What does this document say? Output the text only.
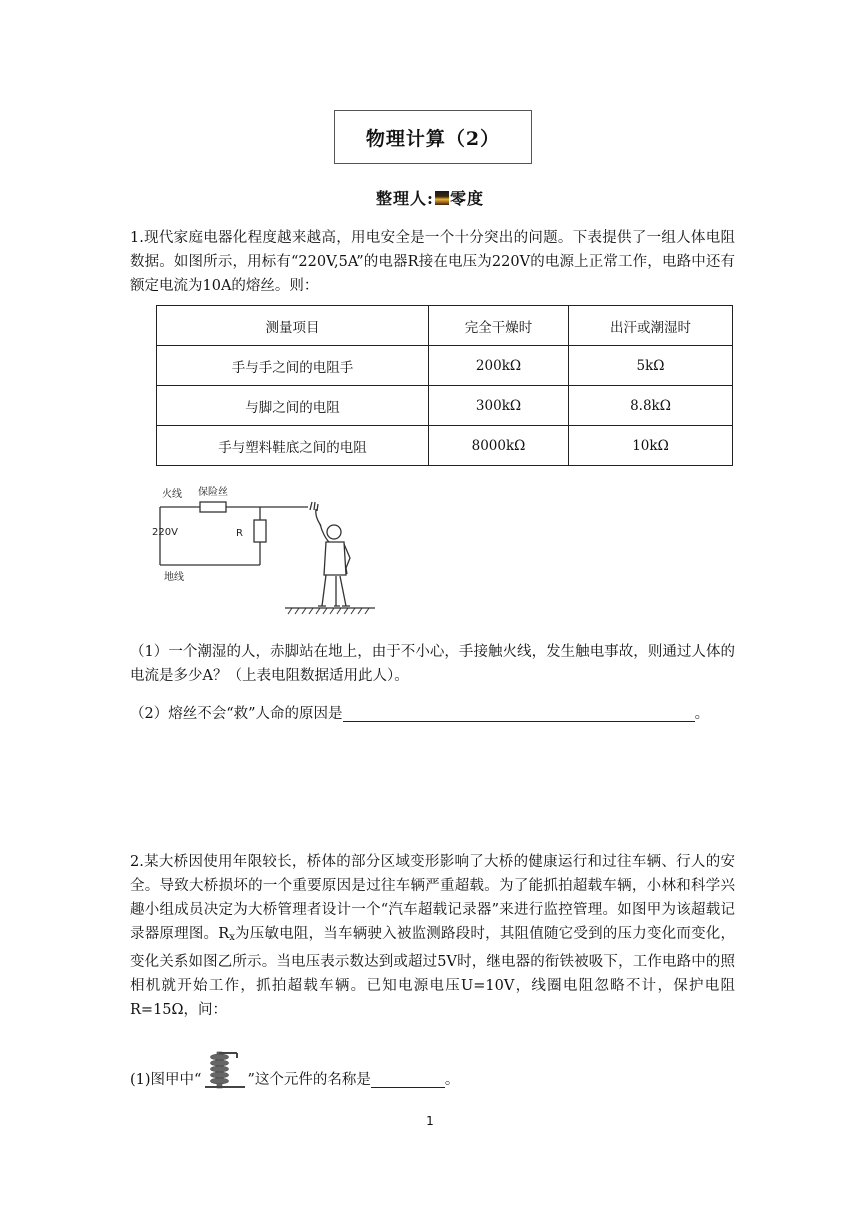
物理计算（2）
整理人: 零度
1.现代家庭电器化程度越来越高，用电安全是一个十分突出的问题。下表提供了一组人体电阻数据。如图所示，用标有“220V,5A”的电器R接在电压为220V的电源上正常工作，电路中还有额定电流为10A的熔丝。则：
测量项目	完全干燥时	出汗或潮湿时
手与手之间的电阻手	200kΩ	5kΩ
与脚之间的电阻	300kΩ	8.8kΩ
手与塑料鞋底之间的电阻	8000kΩ	10kΩ
火线 保险丝
220V	R
地线
（1）一个潮湿的人，赤脚站在地上，由于不小心，手接触火线，发生触电事故，则通过人体的电流是多少A？（上表电阻数据适用此人）。
（2）熔丝不会“救”人命的原因是	。
2.某大桥因使用年限较长，桥体的部分区域变形影响了大桥的健康运行和过往车辆、行人的安全。导致大桥损坏的一个重要原因是过往车辆严重超载。为了能抓拍超载车辆，小林和科学兴趣小组成员决定为大桥管理者设计一个“汽车超载记录器”来进行监控管理。如图甲为该超载记录器原理图。$R_x$为压敏电阻，当车辆驶入被监测路段时，其阻值随它受到的压力变化而变化，变化关系如图乙所示。当电压表示数达到或超过5V时，继电器的衔铁被吸下，工作电路中的照相机就开始工作，抓拍超载车辆。已知电源电压U=10V，线圈电阻忽略不计，保护电阻R=15Ω，问：
(1)图甲中“	”这个元件的名称是	。
1
